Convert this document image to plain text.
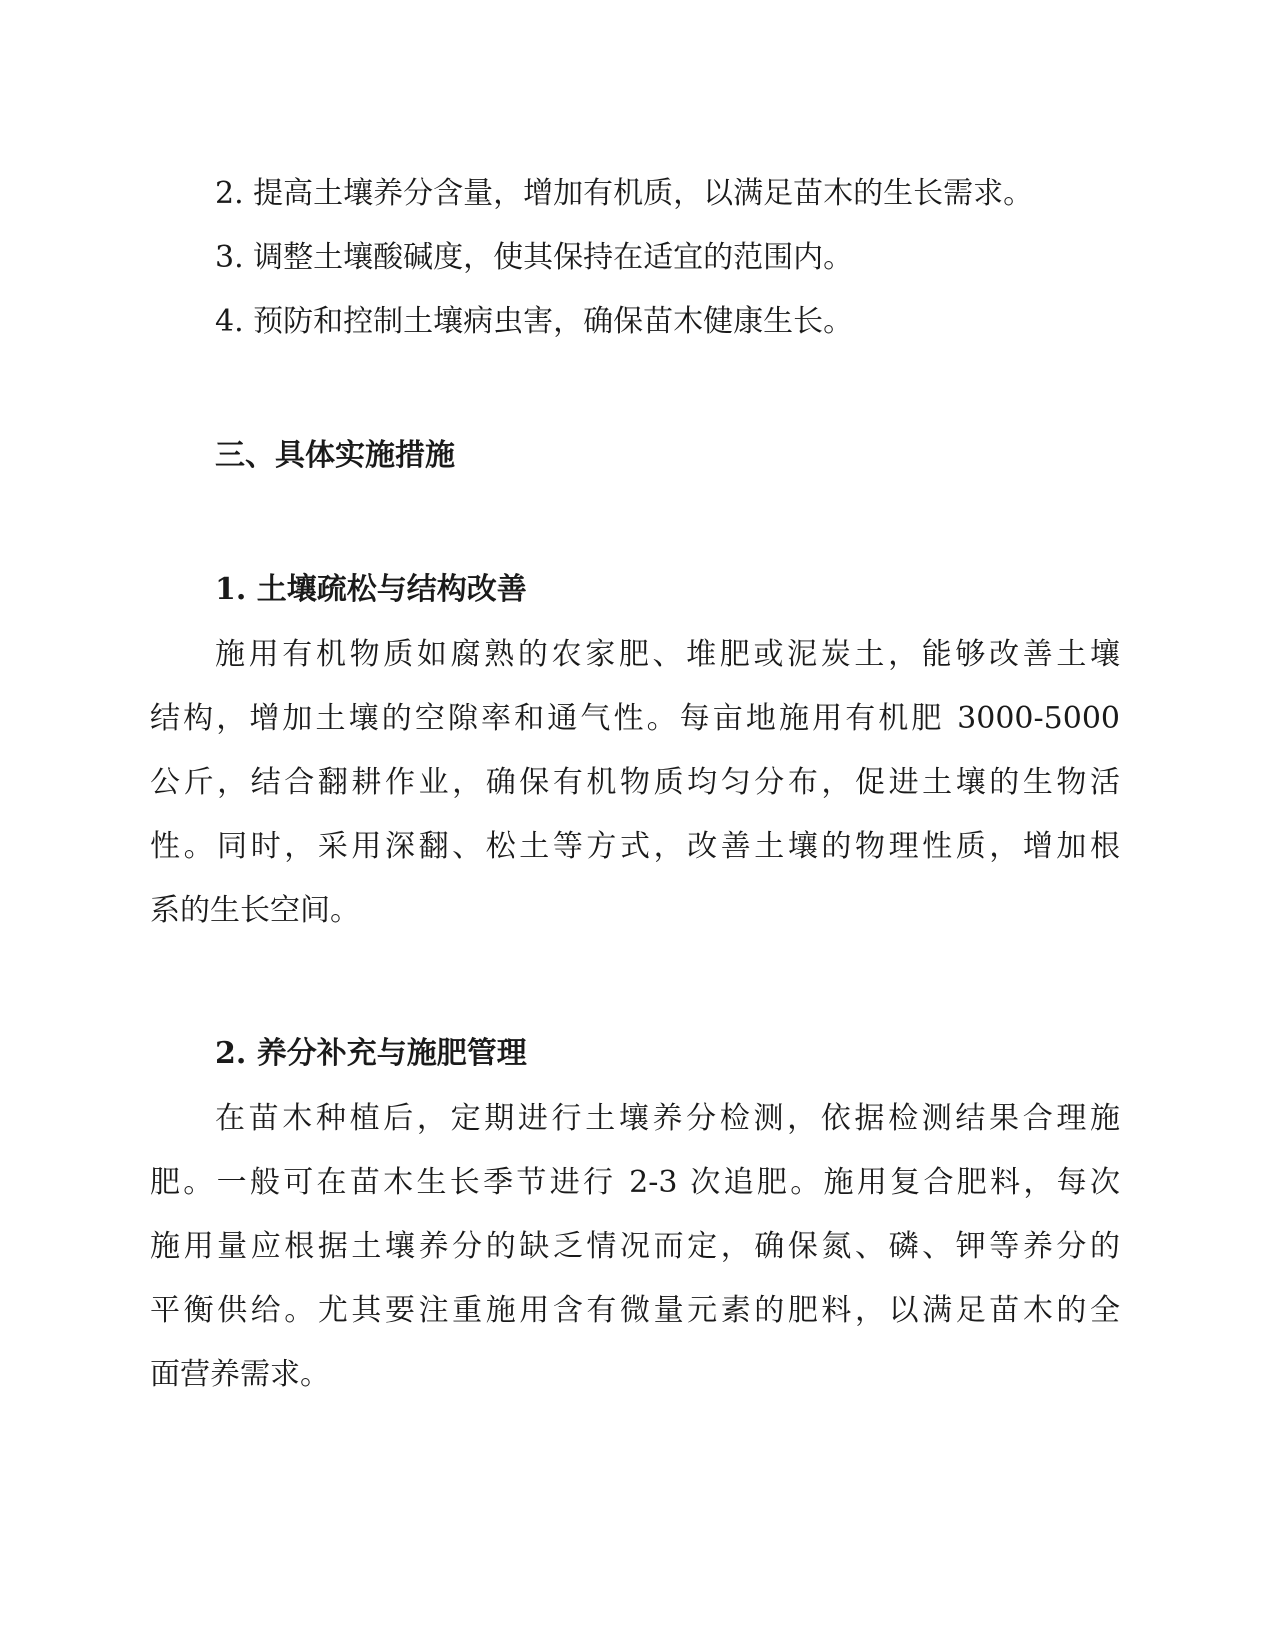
2. 提高土壤养分含量，增加有机质，以满足苗木的生长需求。
3. 调整土壤酸碱度，使其保持在适宜的范围内。
4. 预防和控制土壤病虫害，确保苗木健康生长。
三、具体实施措施
1. 土壤疏松与结构改善

施用有机物质如腐熟的农家肥、堆肥或泥炭土，能够改善土壤
结构，增加土壤的空隙率和通气性。每亩地施用有机肥 3000-5000
公斤，结合翻耕作业，确保有机物质均匀分布，促进土壤的生物活
性。同时，采用深翻、松土等方式，改善土壤的物理性质，增加根
系的生长空间。

2. 养分补充与施肥管理

在苗木种植后，定期进行土壤养分检测，依据检测结果合理施
肥。一般可在苗木生长季节进行 2-3 次追肥。施用复合肥料，每次
施用量应根据土壤养分的缺乏情况而定，确保氮、磷、钾等养分的
平衡供给。尤其要注重施用含有微量元素的肥料，以满足苗木的全
面营养需求。
